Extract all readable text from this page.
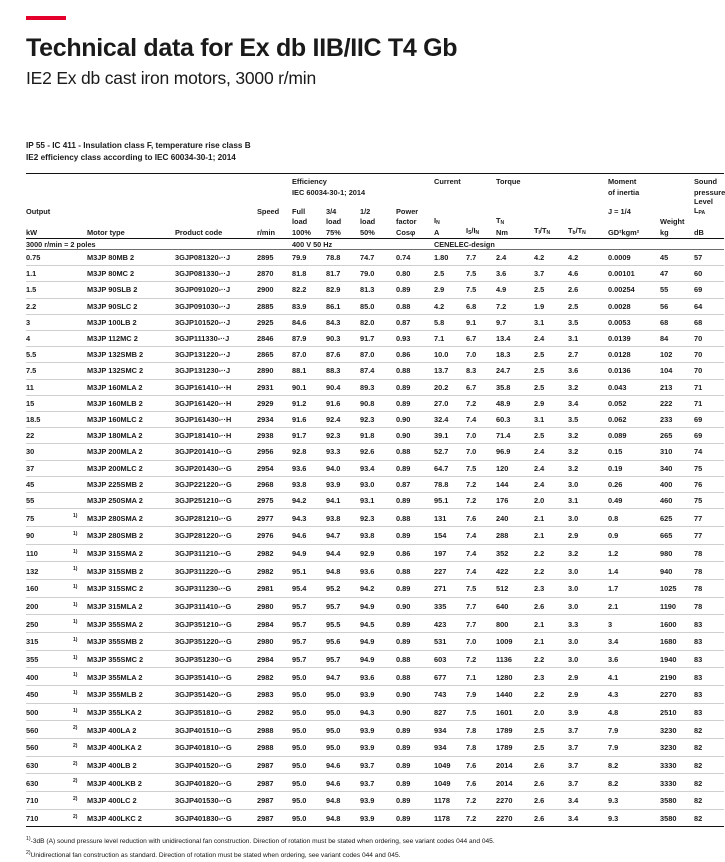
Technical data for Ex db IIB/IIC T4 Gb
IE2 Ex db cast iron motors, 3000 r/min
IP 55 - IC 411 - Insulation class F, temperature rise class B
IE2 efficiency class according to IEC 60034-30-1; 2014

					Efficiency				Current		Torque			Moment		Sound
					IEC 60034-30-1; 2014									of inertia		pressure
Output				Speed	Full	3/4	1/2	Power						J = 1/4		Level $L_{PA}$
					load	load	load	factor	$I_N$		$T_N$				Weight	
kW		Motor type	Product code	r/min	100%	75%	50%	Cosφ	A	$I_S/I_N$	Nm	$T_I/T_N$	$T_b/T_N$	GD²kgm²	kg	dB

3000 r/min = 2 poles					400 V 50 Hz				CENELEC-design							
0.75		M3JP 80MB 2	3GJP081320-··J	2895	79.9	78.8	74.7	0.74	1.80	7.7	2.4	4.2	4.2	0.0009	45	57
1.1		M3JP 80MC 2	3GJP081330-··J	2870	81.8	81.7	79.0	0.80	2.5	7.5	3.6	3.7	4.6	0.00101	47	60
1.5		M3JP 90SLB 2	3GJP091020-··J	2900	82.2	82.9	81.3	0.89	2.9	7.5	4.9	2.5	2.6	0.00254	55	69
2.2		M3JP 90SLC 2	3GJP091030-··J	2885	83.9	86.1	85.0	0.88	4.2	6.8	7.2	1.9	2.5	0.0028	56	64
3		M3JP 100LB 2	3GJP101520-··J	2925	84.6	84.3	82.0	0.87	5.8	9.1	9.7	3.1	3.5	0.0053	68	68
4		M3JP 112MC 2	3GJP111330-··J	2846	87.9	90.3	91.7	0.93	7.1	6.7	13.4	2.4	3.1	0.0139	84	70
5.5		M3JP 132SMB 2	3GJP131220-··J	2865	87.0	87.6	87.0	0.86	10.0	7.0	18.3	2.5	2.7	0.0128	102	70
7.5		M3JP 132SMC 2	3GJP131230-··J	2890	88.1	88.3	87.4	0.88	13.7	8.3	24.7	2.5	3.6	0.0136	104	70
11		M3JP 160MLA 2	3GJP161410-··H	2931	90.1	90.4	89.3	0.89	20.2	6.7	35.8	2.5	3.2	0.043	213	71
15		M3JP 160MLB 2	3GJP161420-··H	2929	91.2	91.6	90.8	0.89	27.0	7.2	48.9	2.9	3.4	0.052	222	71
18.5		M3JP 160MLC 2	3GJP161430-··H	2934	91.6	92.4	92.3	0.90	32.4	7.4	60.3	3.1	3.5	0.062	233	69
22		M3JP 180MLA 2	3GJP181410-··H	2938	91.7	92.3	91.8	0.90	39.1	7.0	71.4	2.5	3.2	0.089	265	69
30		M3JP 200MLA 2	3GJP201410-··G	2956	92.8	93.3	92.6	0.88	52.7	7.0	96.9	2.4	3.2	0.15	310	74
37		M3JP 200MLC 2	3GJP201430-··G	2954	93.6	94.0	93.4	0.89	64.7	7.5	120	2.4	3.2	0.19	340	75
45		M3JP 225SMB 2	3GJP221220-··G	2968	93.8	93.9	93.0	0.87	78.8	7.2	144	2.4	3.0	0.26	400	76
55		M3JP 250SMA 2	3GJP251210-··G	2975	94.2	94.1	93.1	0.89	95.1	7.2	176	2.0	3.1	0.49	460	75
75	$^{1)}$	M3JP 280SMA 2	3GJP281210-··G	2977	94.3	93.8	92.3	0.88	131	7.6	240	2.1	3.0	0.8	625	77
90	$^{1)}$	M3JP 280SMB 2	3GJP281220-··G	2976	94.6	94.7	93.8	0.89	154	7.4	288	2.1	2.9	0.9	665	77
110	$^{1)}$	M3JP 315SMA 2	3GJP311210-··G	2982	94.9	94.4	92.9	0.86	197	7.4	352	2.2	3.2	1.2	980	78
132	$^{1)}$	M3JP 315SMB 2	3GJP311220-··G	2982	95.1	94.8	93.6	0.88	227	7.4	422	2.2	3.0	1.4	940	78
160	$^{1)}$	M3JP 315SMC 2	3GJP311230-··G	2981	95.4	95.2	94.2	0.89	271	7.5	512	2.3	3.0	1.7	1025	78
200	$^{1)}$	M3JP 315MLA 2	3GJP311410-··G	2980	95.7	95.7	94.9	0.90	335	7.7	640	2.6	3.0	2.1	1190	78
250	$^{1)}$	M3JP 355SMA 2	3GJP351210-··G	2984	95.7	95.5	94.5	0.89	423	7.7	800	2.1	3.3	3	1600	83
315	$^{1)}$	M3JP 355SMB 2	3GJP351220-··G	2980	95.7	95.6	94.9	0.89	531	7.0	1009	2.1	3.0	3.4	1680	83
355	$^{1)}$	M3JP 355SMC 2	3GJP351230-··G	2984	95.7	95.7	94.9	0.88	603	7.2	1136	2.2	3.0	3.6	1940	83
400	$^{1)}$	M3JP 355MLA 2	3GJP351410-··G	2982	95.0	94.7	93.6	0.88	677	7.1	1280	2.3	2.9	4.1	2190	83
450	$^{1)}$	M3JP 355MLB 2	3GJP351420-··G	2983	95.0	95.0	93.9	0.90	743	7.9	1440	2.2	2.9	4.3	2270	83
500	$^{1)}$	M3JP 355LKA 2	3GJP351810-··G	2982	95.0	95.0	94.3	0.90	827	7.5	1601	2.0	3.9	4.8	2510	83
560	$^{2)}$	M3JP 400LA 2	3GJP401510-··G	2988	95.0	95.0	93.9	0.89	934	7.8	1789	2.5	3.7	7.9	3230	82
560	$^{2)}$	M3JP 400LKA 2	3GJP401810-··G	2988	95.0	95.0	93.9	0.89	934	7.8	1789	2.5	3.7	7.9	3230	82
630	$^{2)}$	M3JP 400LB 2	3GJP401520-··G	2987	95.0	94.6	93.7	0.89	1049	7.6	2014	2.6	3.7	8.2	3330	82
630	$^{2)}$	M3JP 400LKB 2	3GJP401820-··G	2987	95.0	94.6	93.7	0.89	1049	7.6	2014	2.6	3.7	8.2	3330	82
710	$^{2)}$	M3JP 400LC 2	3GJP401530-··G	2987	95.0	94.8	93.9	0.89	1178	7.2	2270	2.6	3.4	9.3	3580	82
710	$^{2)}$	M3JP 400LKC 2	3GJP401830-··G	2987	95.0	94.8	93.9	0.89	1178	7.2	2270	2.6	3.4	9.3	3580	82

$^{1)}$-3dB (A) sound pressure level reduction with unidirectional fan construction. Direction of rotation must be stated when ordering, see variant codes 044 and 045.

$^{2)}$Unidirectional fan construction as standard. Direction of rotation must be stated when ordering, see variant codes 044 and 045.
